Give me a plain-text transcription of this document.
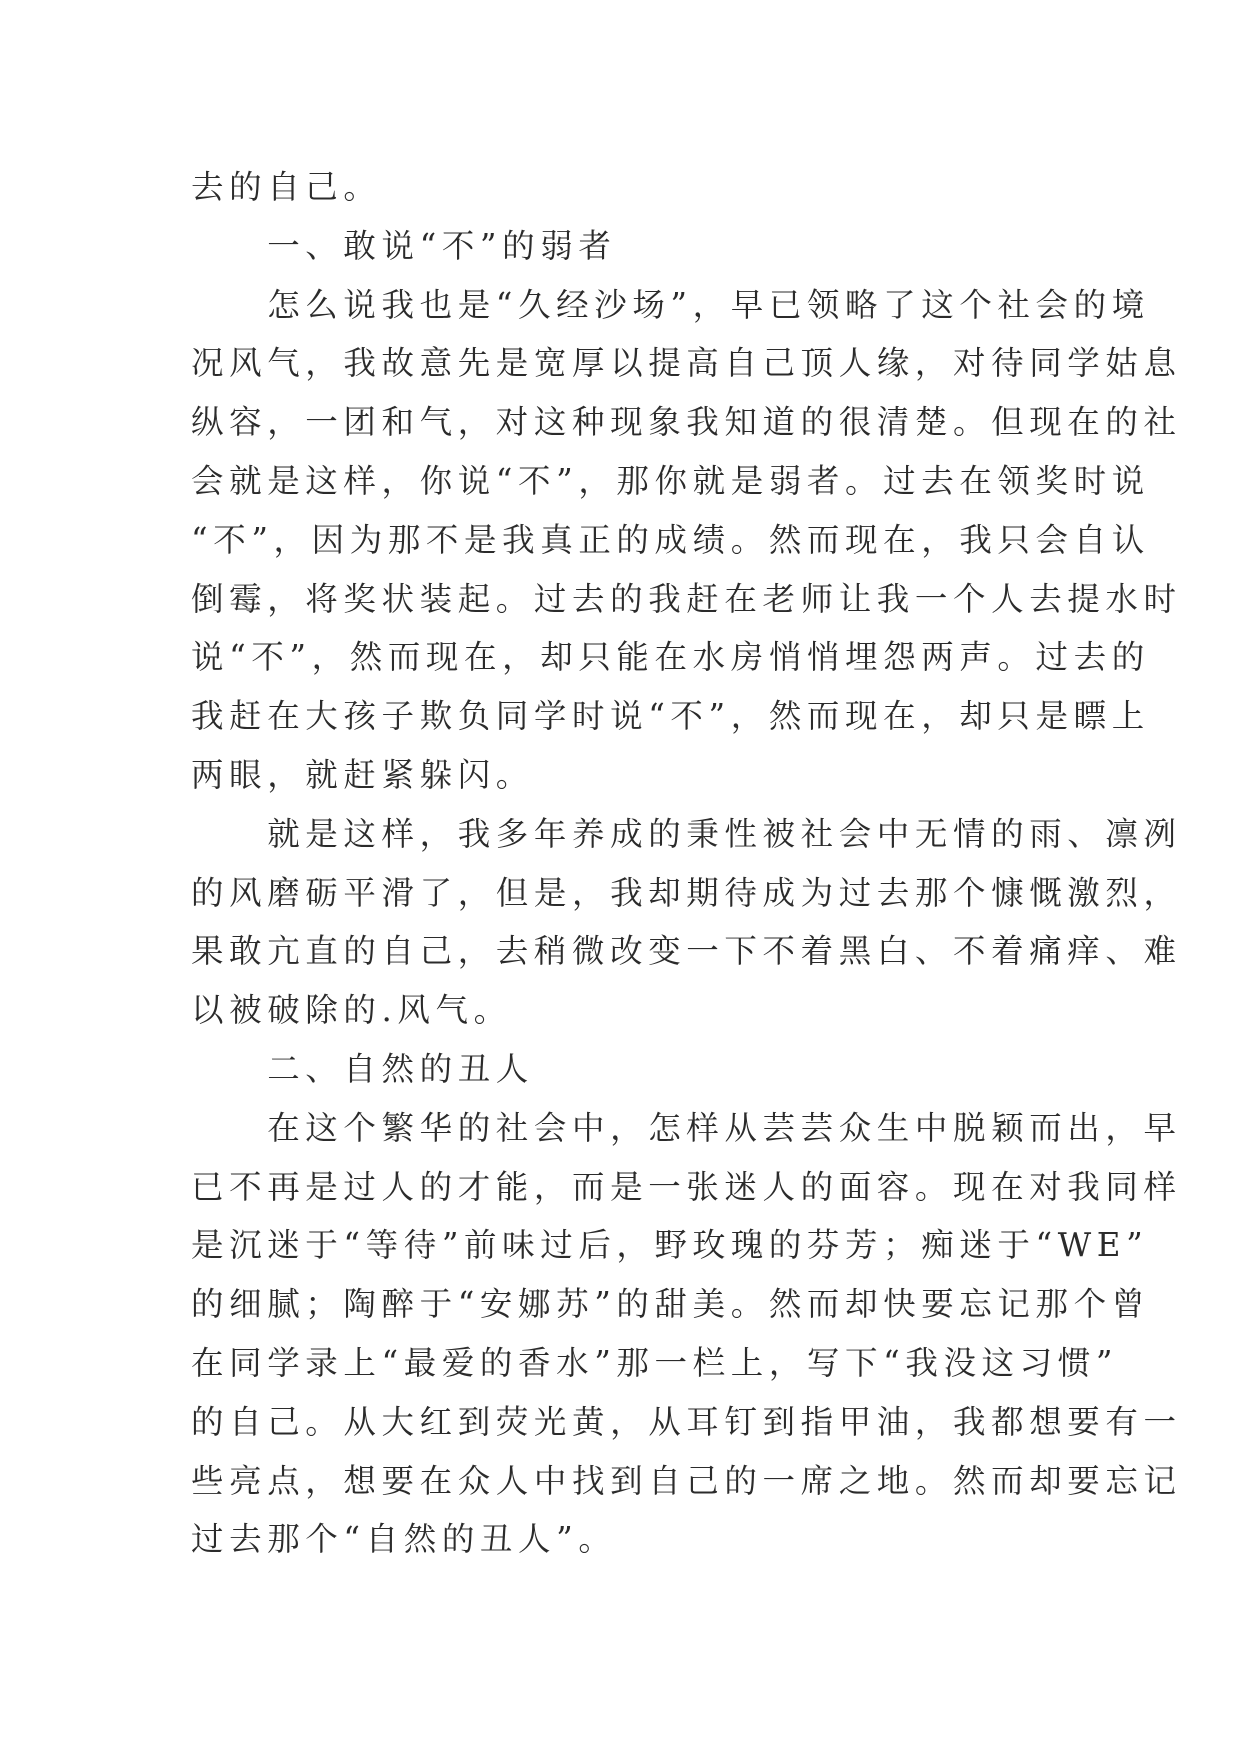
去的自己。
　　一、敢说“不”的弱者
　　怎么说我也是“久经沙场”，早已领略了这个社会的境
况风气，我故意先是宽厚以提高自己顶人缘，对待同学姑息
纵容，一团和气，对这种现象我知道的很清楚。但现在的社
会就是这样，你说“不”，那你就是弱者。过去在领奖时说
“不”，因为那不是我真正的成绩。然而现在，我只会自认
倒霉，将奖状装起。过去的我赶在老师让我一个人去提水时
说“不”，然而现在，却只能在水房悄悄埋怨两声。过去的
我赶在大孩子欺负同学时说“不”，然而现在，却只是瞟上
两眼，就赶紧躲闪。
　　就是这样，我多年养成的秉性被社会中无情的雨、凛冽
的风磨砺平滑了，但是，我却期待成为过去那个慷慨激烈，
果敢亢直的自己，去稍微改变一下不着黑白、不着痛痒、难
以被破除的.风气。
　　二、自然的丑人
　　在这个繁华的社会中，怎样从芸芸众生中脱颖而出，早
已不再是过人的才能，而是一张迷人的面容。现在对我同样
是沉迷于“等待”前味过后，野玫瑰的芬芳；痴迷于“WE”
的细腻；陶醉于“安娜苏”的甜美。然而却快要忘记那个曾
在同学录上“最爱的香水”那一栏上，写下“我没这习惯”
的自己。从大红到荧光黄，从耳钉到指甲油，我都想要有一
些亮点，想要在众人中找到自己的一席之地。然而却要忘记
过去那个“自然的丑人”。
